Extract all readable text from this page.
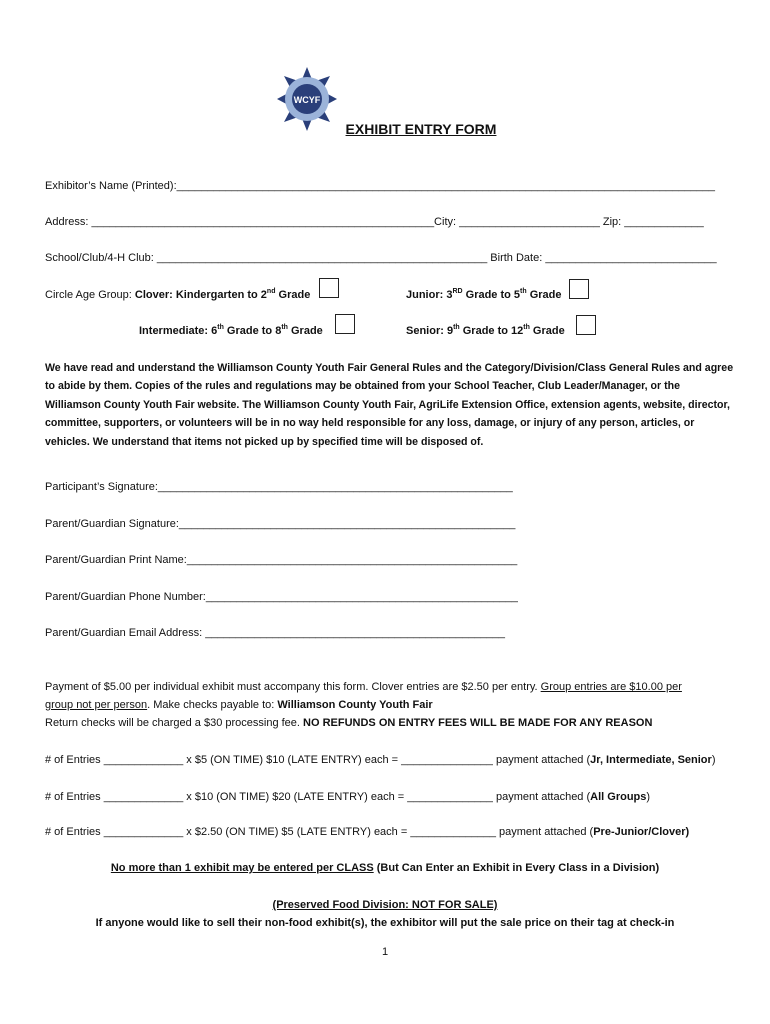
WCYF
EXHIBIT ENTRY FORM
Exhibitor’s Name (Printed):________________________________________________________________________________________
Address: ________________________________________________________City: _______________________ Zip: _____________
School/Club/4-H Club: ______________________________________________________ Birth Date: ____________________________
Circle Age Group: Clover: Kindergarten to 2nd Grade	Junior: 3RD Grade to 5th Grade
Intermediate: 6th Grade to 8th Grade	Senior: 9th Grade to 12th Grade
We have read and understand the Williamson County Youth Fair General Rules and the Category/Division/Class General Rules and agree to abide by them. Copies of the rules and regulations may be obtained from your School Teacher, Club Leader/Manager, or the Williamson County Youth Fair website. The Williamson County Youth Fair, AgriLife Extension Office, extension agents, website, director, committee, supporters, or volunteers will be in no way held responsible for any loss, damage, or injury of any person, articles, or vehicles. We understand that items not picked up by specified time will be disposed of.
Participant’s Signature:__________________________________________________________
Parent/Guardian Signature:_______________________________________________________
Parent/Guardian Print Name:______________________________________________________
Parent/Guardian Phone Number:___________________________________________________
Parent/Guardian Email Address: _________________________________________________
Payment of $5.00 per individual exhibit must accompany this form. Clover entries are $2.50 per entry. Group entries are $10.00 per
group not per person. Make checks payable to: Williamson County Youth Fair
Return checks will be charged a $30 processing fee. NO REFUNDS ON ENTRY FEES WILL BE MADE FOR ANY REASON
# of Entries _____________ x $5 (ON TIME) $10 (LATE ENTRY) each = _______________ payment attached (Jr, Intermediate, Senior)
# of Entries _____________ x $10 (ON TIME) $20 (LATE ENTRY) each = ______________ payment attached (All Groups)
# of Entries _____________ x $2.50 (ON TIME) $5 (LATE ENTRY) each = ______________ payment attached (Pre-Junior/Clover)
No more than 1 exhibit may be entered per CLASS (But Can Enter an Exhibit in Every Class in a Division)
(Preserved Food Division: NOT FOR SALE)
If anyone would like to sell their non-food exhibit(s), the exhibitor will put the sale price on their tag at check-in
1
